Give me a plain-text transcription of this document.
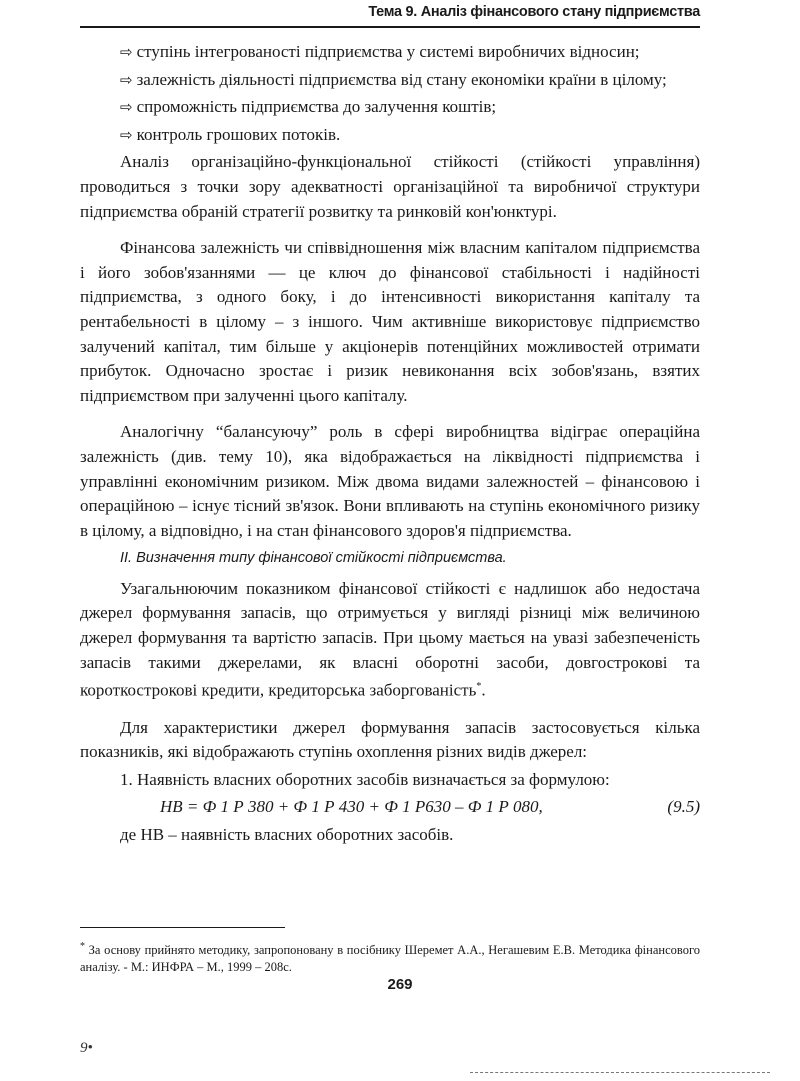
Тема 9. Аналіз фінансового стану підприємства
⇨ ступінь інтегрованості підприємства у системі виробничих відносин;
⇨ залежність діяльності підприємства від стану економіки країни в цілому;
⇨ спроможність підприємства до залучення коштів;
⇨ контроль грошових потоків.

Аналіз організаційно-функціональної стійкості (стійкості управління) проводиться з точки зору адекватності організаційної та виробничої структури підприємства обраній стратегії розвитку та ринковій кон'юнктурі.

Фінансова залежність чи співвідношення між власним капіталом підприємства і його зобов'язаннями — це ключ до фінансової стабільності і надійності підприємства, з одного боку, і до інтенсивності використання капіталу та рентабельності в цілому – з іншого. Чим активніше використовує підприємство залучений капітал, тим більше у акціонерів потенційних можливостей отримати прибуток. Одночасно зростає і ризик невиконання всіх зобов'язань, взятих підприємством при залученні цього капіталу.

Аналогічну “балансуючу” роль в сфері виробництва відіграє операційна залежність (див. тему 10), яка відображається на ліквідності підприємства і управлінні економічним ризиком. Між двома видами залежностей – фінансовою і операційною – існує тісний зв'язок. Вони впливають на ступінь економічного ризику в цілому, а відповідно, і на стан фінансового здоров'я підприємства.

II. Визначення типу фінансової стійкості підприємства.

Узагальнюючим показником фінансової стійкості є надлишок або недостача джерел формування запасів, що отримується у вигляді різниці між величиною джерел формування та вартістю запасів. При цьому мається на увазі забезпеченість запасів такими джерелами, як власні оборотні засоби, довгострокові та короткострокові кредити, кредиторська заборгованість*.

Для характеристики джерел формування запасів застосовується кілька показників, які відображають ступінь охоплення різних видів джерел:

1. Наявність власних оборотних засобів визначається за формулою:

НВ = Ф 1 Р 380 + Ф 1 Р 430 + Ф 1 Р630 – Ф 1 Р 080,	(9.5)

де НВ – наявність власних оборотних засобів.

* За основу прийнято методику, запропоновану в посібнику Шеремет А.А., Негашевим Е.В. Методика фінансового аналізу. - М.: ИНФРА – М., 1999 – 208с.
269
9•
